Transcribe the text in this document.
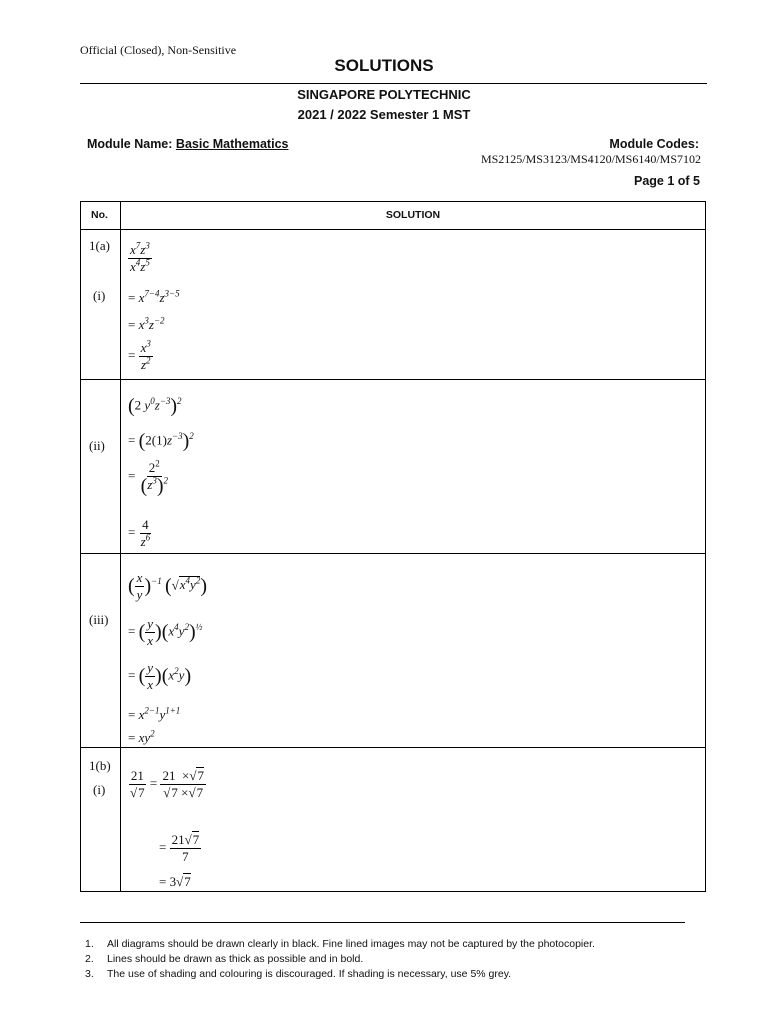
Official (Closed), Non-Sensitive
SOLUTIONS
SINGAPORE POLYTECHNIC
2021 / 2022 Semester 1 MST
Module Name: Basic Mathematics	Module Codes:
MS2125/MS3123/MS4120/MS6140/MS7102
Page 1 of 5
No.	SOLUTION
1(a)
(i)
$\frac{x^7z^3}{x^4z^5}$
= $x^{7-4}z^{3-5}$
= $x^3z^{-2}$
= $\frac{x^3}{z^2}$
(ii)
(2 $y^0z^{-3})^2$
= $(2(1)z^{-3})^2$
= $\frac{2^2}{(z^3)^2}$
= $\frac{4}{z^6}$
(iii)
( $\frac{x}{y} )^{-1}$ $(√x^4y^2)$
= ( $\frac{y}{x} )(x^4y^2)^{\frac{1}{2}}$
= ( $\frac{y}{x} )(x^2y)$
= $x^{2-1}y^{1+1}$
= $xy^2$
1(b)
$(i) \frac{21}{√7} = \frac{21 \times√7}{√7 \times√7}$
= $\frac{21√7}{7}$
= 3√7
1. All diagrams should be drawn clearly in black. Fine lined images may not be captured by the photocopier.
2. Lines should be drawn as thick as possible and in bold.
3. The use of shading and colouring is discouraged. If shading is necessary, use 5% grey.
